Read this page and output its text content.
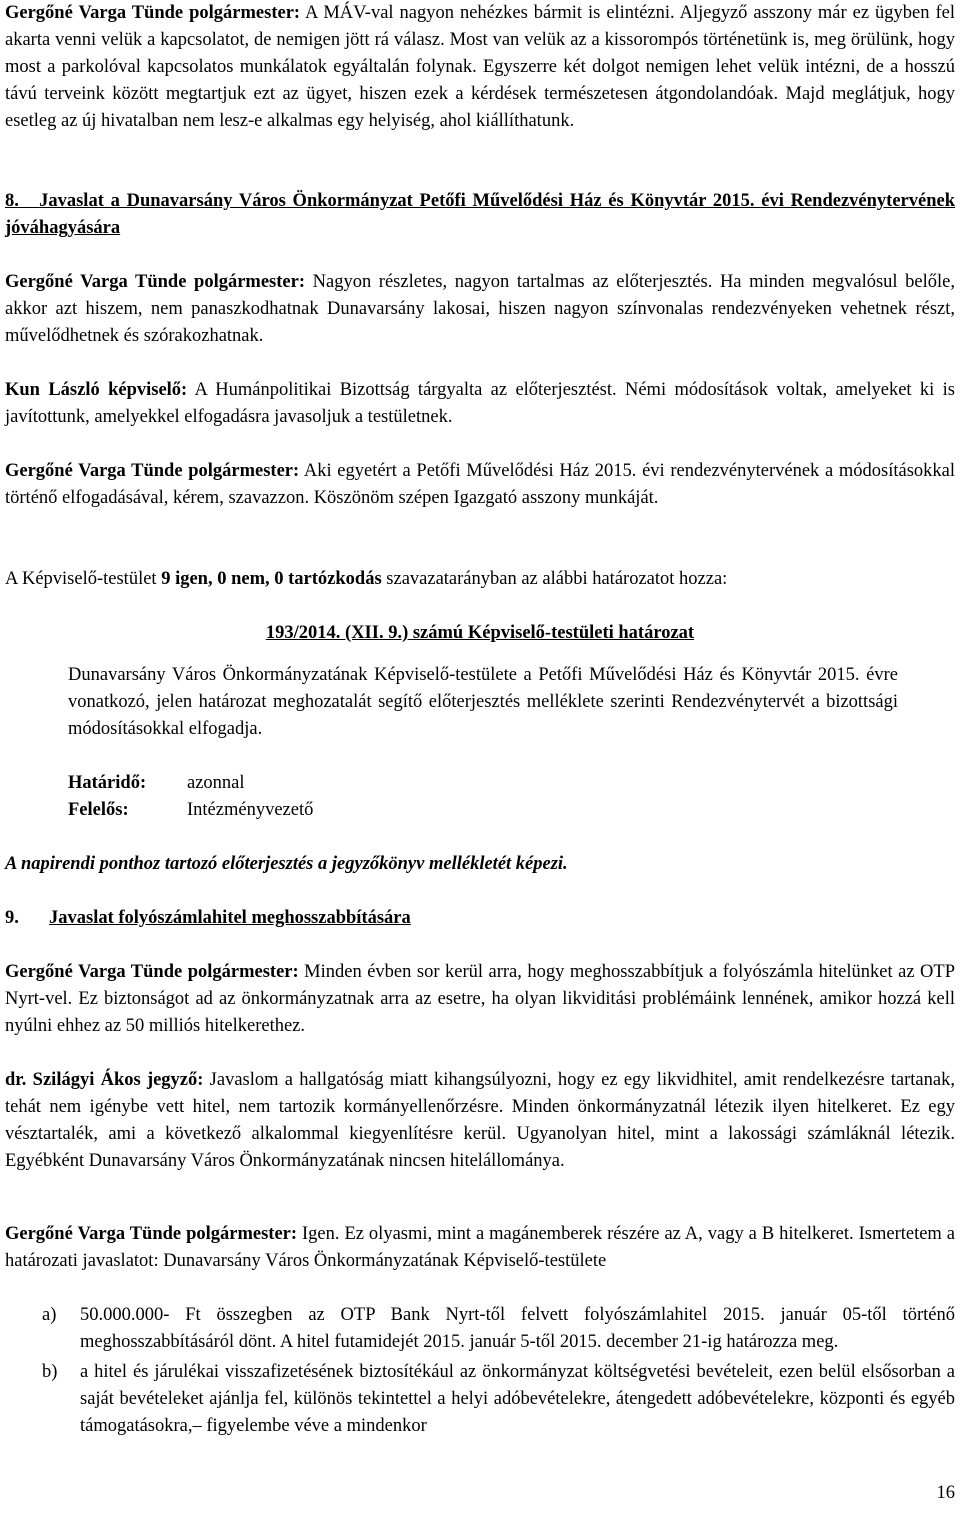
Gergőné Varga Tünde polgármester: A MÁV-val nagyon nehézkes bármit is elintézni. Aljegyző asszony már ez ügyben fel akarta venni velük a kapcsolatot, de nemigen jött rá válasz. Most van velük az a kissorompós történetünk is, meg örülünk, hogy most a parkolóval kapcsolatos munkálatok egyáltalán folynak. Egyszerre két dolgot nemigen lehet velük intézni, de a hosszú távú terveink között megtartjuk ezt az ügyet, hiszen ezek a kérdések természetesen átgondolandóak. Majd meglátjuk, hogy esetleg az új hivatalban nem lesz-e alkalmas egy helyiség, ahol kiállíthatunk.

8. Javaslat a Dunavarsány Város Önkormányzat Petőfi Művelődési Ház és Könyvtár 2015. évi Rendezvénytervének jóváhagyására

Gergőné Varga Tünde polgármester: Nagyon részletes, nagyon tartalmas az előterjesztés. Ha minden megvalósul belőle, akkor azt hiszem, nem panaszkodhatnak Dunavarsány lakosai, hiszen nagyon színvonalas rendezvényeken vehetnek részt, művelődhetnek és szórakozhatnak.

Kun László képviselő: A Humánpolitikai Bizottság tárgyalta az előterjesztést. Némi módosítások voltak, amelyeket ki is javítottunk, amelyekkel elfogadásra javasoljuk a testületnek.

Gergőné Varga Tünde polgármester: Aki egyetért a Petőfi Művelődési Ház 2015. évi rendezvénytervének a módosításokkal történő elfogadásával, kérem, szavazzon. Köszönöm szépen Igazgató asszony munkáját.

A Képviselő-testület 9 igen, 0 nem, 0 tartózkodás szavazatarányban az alábbi határozatot hozza:

193/2014. (XII. 9.) számú Képviselő-testületi határozat

Dunavarsány Város Önkormányzatának Képviselő-testülete a Petőfi Művelődési Ház és Könyvtár 2015. évre vonatkozó, jelen határozat meghozatalát segítő előterjesztés melléklete szerinti Rendezvénytervét a bizottsági módosításokkal elfogadja.

Határidő:	azonnal
Felelős:	Intézményvezető

A napirendi ponthoz tartozó előterjesztés a jegyzőkönyv mellékletét képezi.

9. Javaslat folyószámlahitel meghosszabbítására

Gergőné Varga Tünde polgármester: Minden évben sor kerül arra, hogy meghosszabbítjuk a folyószámla hitelünket az OTP Nyrt-vel. Ez biztonságot ad az önkormányzatnak arra az esetre, ha olyan likviditási problémáink lennének, amikor hozzá kell nyúlni ehhez az 50 milliós hitelkerethez.

dr. Szilágyi Ákos jegyző: Javaslom a hallgatóság miatt kihangsúlyozni, hogy ez egy likvidhitel, amit rendelkezésre tartanak, tehát nem igénybe vett hitel, nem tartozik kormányellenőrzésre. Minden önkormányzatnál létezik ilyen hitelkeret. Ez egy vésztartalék, ami a következő alkalommal kiegyenlítésre kerül. Ugyanolyan hitel, mint a lakossági számláknál létezik. Egyébként Dunavarsány Város Önkormányzatának nincsen hitelállománya.

Gergőné Varga Tünde polgármester: Igen. Ez olyasmi, mint a magánemberek részére az A, vagy a B hitelkeret. Ismertetem a határozati javaslatot: Dunavarsány Város Önkormányzatának Képviselő-testülete

a)	50.000.000- Ft összegben az OTP Bank Nyrt-től felvett folyószámlahitel 2015. január 05-től történő meghosszabbításáról dönt. A hitel futamidejét 2015. január 5-től 2015. december 21-ig határozza meg.
b)	a hitel és járulékai visszafizetésének biztosítékául az önkormányzat költségvetési bevételeit, ezen belül elsősorban a saját bevételeket ajánlja fel, különös tekintettel a helyi adóbevételekre, átengedett adóbevételekre, központi és egyéb támogatásokra,– figyelembe véve a mindenkor
16
